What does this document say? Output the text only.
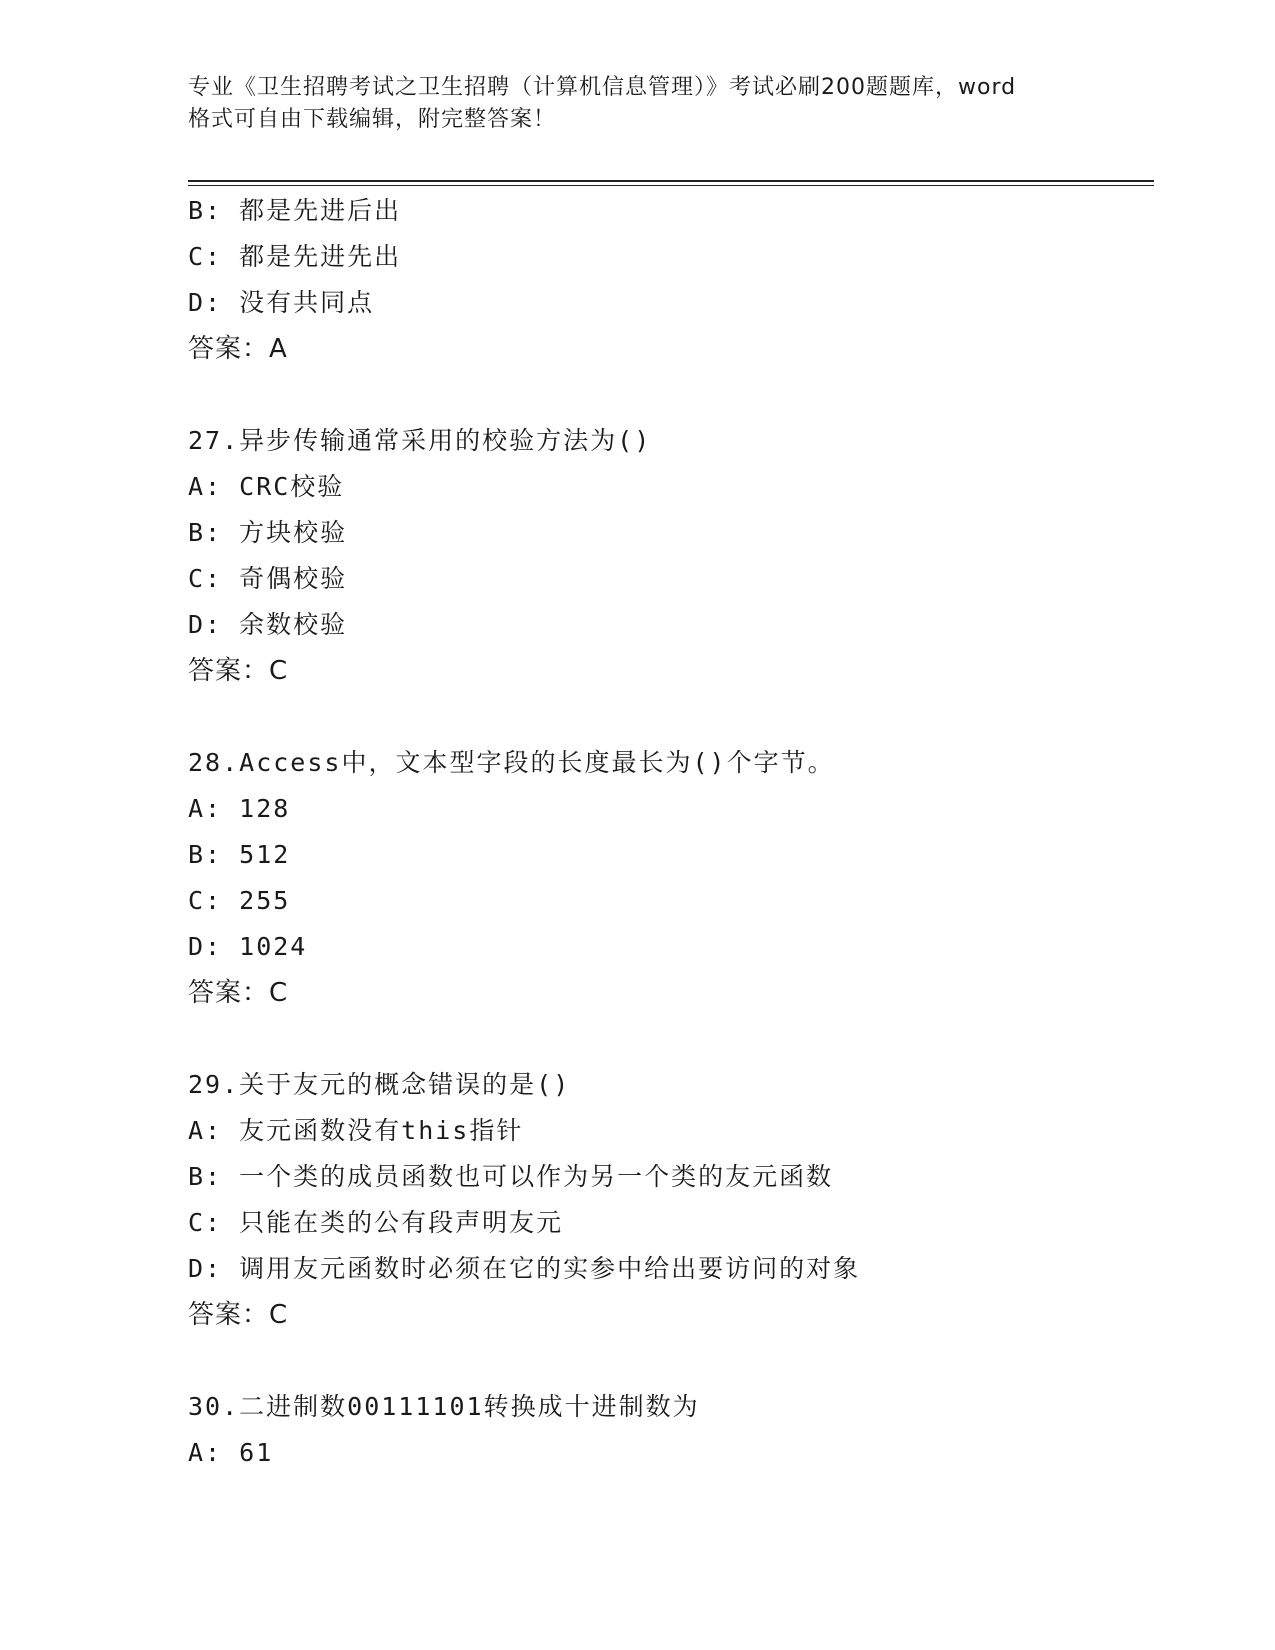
专业《卫生招聘考试之卫生招聘（计算机信息管理）》考试必刷200题题库，word
格式可自由下载编辑，附完整答案！
B: 都是先进后出
C: 都是先进先出
D: 没有共同点
答案：A
27.异步传输通常采用的校验方法为()
A: CRC校验
B: 方块校验
C: 奇偶校验
D: 余数校验
答案：C
28.Access中，文本型字段的长度最长为()个字节。
A: 128
B: 512
C: 255
D: 1024
答案：C
29.关于友元的概念错误的是()
A: 友元函数没有this指针
B: 一个类的成员函数也可以作为另一个类的友元函数
C: 只能在类的公有段声明友元
D: 调用友元函数时必须在它的实参中给出要访问的对象
答案：C
30.二进制数00111101转换成十进制数为
A: 61
